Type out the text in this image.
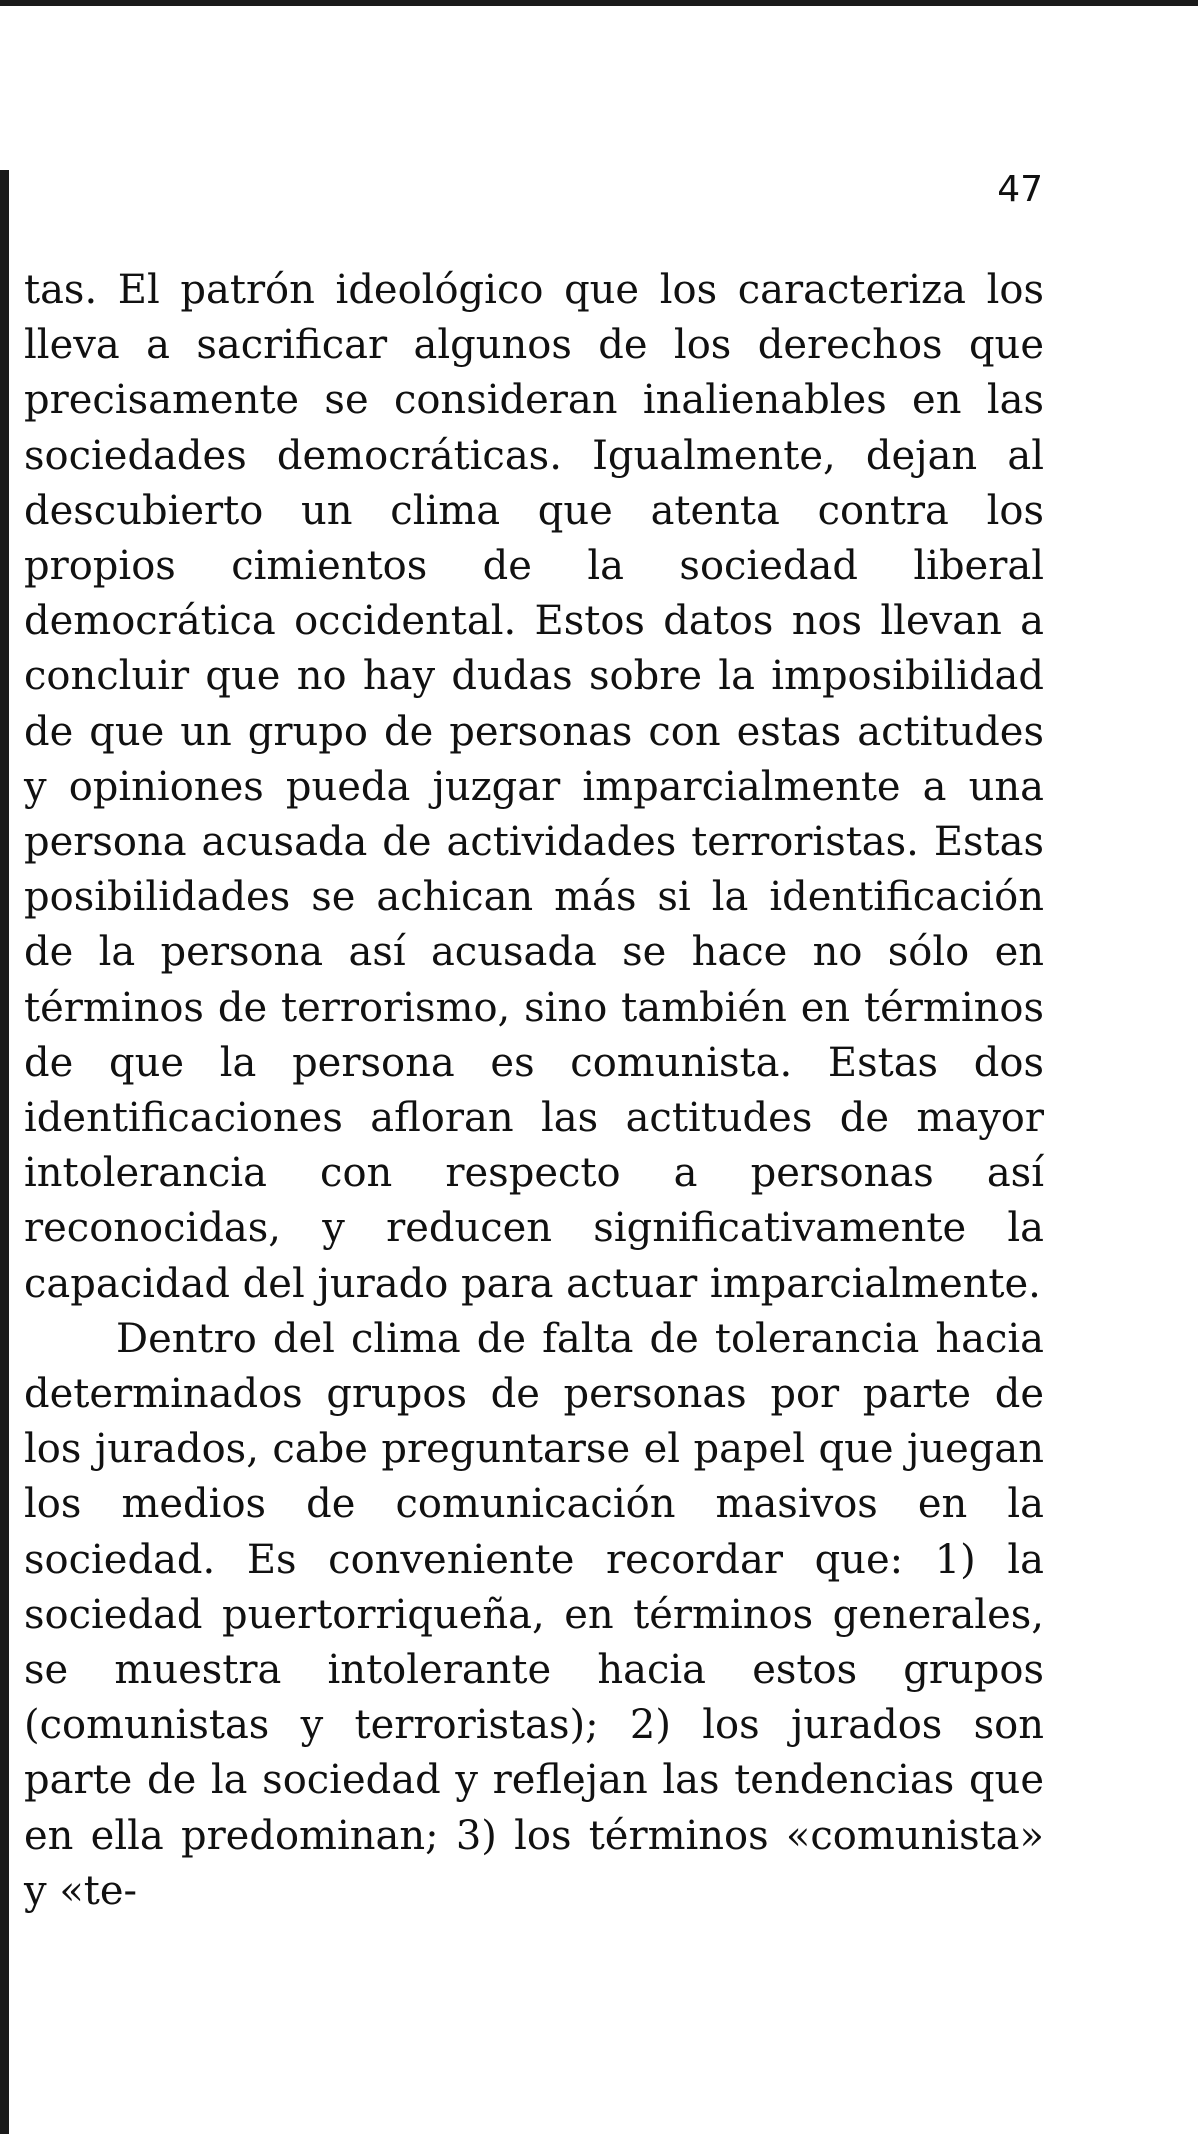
47

tas. El patrón ideológico que los caracteriza los lleva a sacrificar algunos de los derechos que precisamente se consideran inalienables en las sociedades democráticas. Igualmente, dejan al descubierto un clima que atenta contra los propios cimientos de la sociedad liberal democrática occidental. Estos datos nos llevan a concluir que no hay dudas sobre la imposibilidad de que un grupo de personas con estas actitudes y opiniones pueda juzgar imparcialmente a una persona acusada de actividades terroristas. Estas posibilidades se achican más si la identificación de la persona así acusada se hace no sólo en términos de terrorismo, sino también en términos de que la persona es comunista. Estas dos identificaciones afloran las actitudes de mayor intolerancia con respecto a personas así reconocidas, y reducen significativamente la capacidad del jurado para actuar imparcialmente.

Dentro del clima de falta de tolerancia hacia determinados grupos de personas por parte de los jurados, cabe preguntarse el papel que juegan los medios de comunicación masivos en la sociedad. Es conveniente recordar que: 1) la sociedad puertorriqueña, en términos generales, se muestra intolerante hacia estos grupos (comunistas y terroristas); 2) los jurados son parte de la sociedad y reflejan las tendencias que en ella predominan; 3) los términos «comunista» y «te-
